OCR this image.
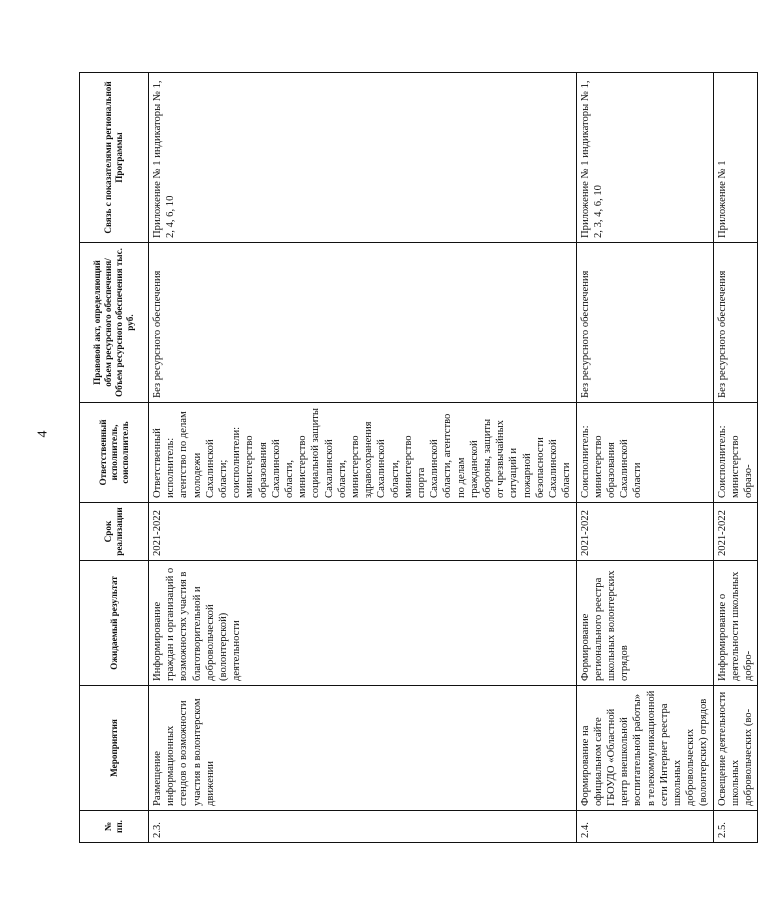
4
№ пп.	Мероприятия	Ожидаемый результат	Срок реализации	Ответственный исполнитель, соисполнитель	Правовой акт, определяющий объем ресурсного обеспечения/Объем ресурсного обеспечения тыс. руб.	Связь с показателями региональной Программы
2.3.	Размещение информационных стендов о возможности участия в волонтерском движении	Информирование граждан и организаций о возможностях участия в благотворительной и добровольческой (волонтерской) деятельности	2021-2022	Ответственный исполнитель: агентство по делам молодежи Сахалинской области; соисполнители: министерство образования Сахалинской области, министерство социальной защиты Сахалинской области, министерство здравоохранения Сахалинской области, министерство спорта Сахалинской области, агентство по делам гражданской обороны, защиты от чрезвычайных ситуаций и пожарной безопасности Сахалинской области	Без ресурсного обеспечения	Приложение № 1 индикаторы № 1, 2, 4, 6, 10
2.4.	Формирование на официальном сайте ГБОУДО «Областной центр внешкольной воспитательной работы» в телекоммуникационной сети Интернет реестра школьных добровольческих (волонтерских) отрядов	Формирование регионального реестра школьных волонтерских отрядов	2021-2022	Соисполнитель: министерство образования Сахалинской области	Без ресурсного обеспечения	Приложение № 1 индикаторы № 1, 2, 3, 4, 6, 10
2.5.	Освещение деятельности школьных добровольческих (во-	Информирование о деятельности школьных добро-	2021-2022	Соисполнитель: министерство образо-	Без ресурсного обеспечения	Приложение № 1
